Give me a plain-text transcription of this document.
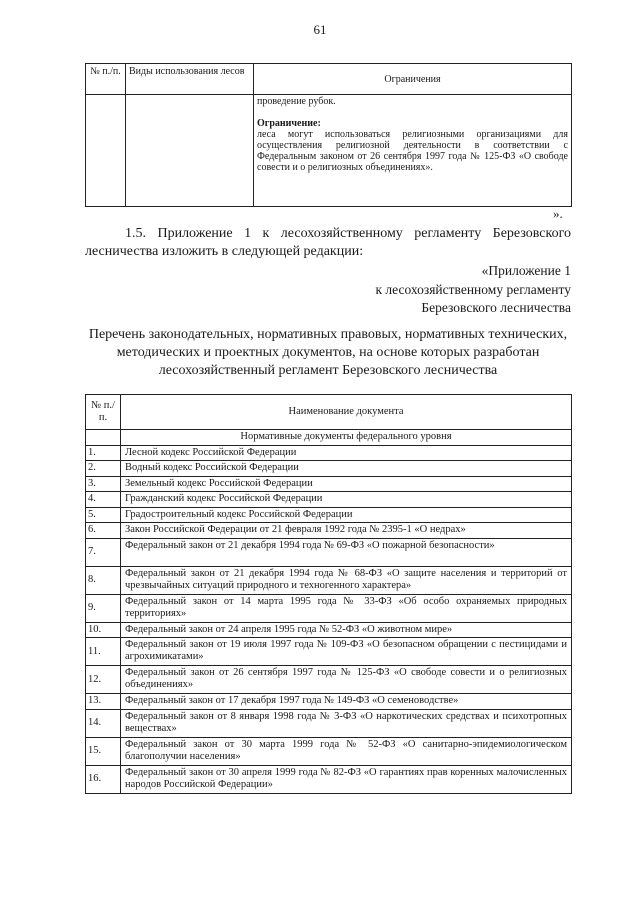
61
№ п./п.	Виды использования лесов	Ограничения

		проведение рубок.
Ограничение:
леса могут использоваться религиозными организациями для осуществления религиозной деятельности в соответствии с Федеральным законом от 26 сентября 1997 года № 125-ФЗ «О свободе совести и о религиозных объединениях».
».
1.5. Приложение 1 к лесохозяйственному регламенту Березовского лесничества изложить в следующей редакции:
«Приложение 1
к лесохозяйственному регламенту
Березовского лесничества
Перечень законодательных, нормативных правовых, нормативных технических, методических и проектных документов, на основе которых разработан лесохозяйственный регламент Березовского лесничества
№ п./п.	Наименование документа
	Нормативные документы федерального уровня
1.	Лесной кодекс Российской Федерации
2.	Водный кодекс Российской Федерации
3.	Земельный кодекс Российской Федерации
4.	Гражданский кодекс Российской Федерации
5.	Градостроительный кодекс Российской Федерации
6.	Закон Российской Федерации от 21 февраля 1992 года № 2395-1 «О недрах»
7.	Федеральный закон от 21 декабря 1994 года № 69-ФЗ «О пожарной безопасности»
8.	Федеральный закон от 21 декабря 1994 года № 68-ФЗ «О защите населения и территорий от чрезвычайных ситуаций природного и техногенного характера»
9.	Федеральный закон от 14 марта 1995 года № 33-ФЗ «Об особо охраняемых природных территориях»
10.	Федеральный закон от 24 апреля 1995 года № 52-ФЗ «О животном мире»
11.	Федеральный закон от 19 июля 1997 года № 109-ФЗ «О безопасном обращении с пестицидами и агрохимикатами»
12.	Федеральный закон от 26 сентября 1997 года № 125-ФЗ «О свободе совести и о религиозных объединениях»
13.	Федеральный закон от 17 декабря 1997 года № 149-ФЗ «О семеноводстве»
14.	Федеральный закон от 8 января 1998 года № 3-ФЗ «О наркотических средствах и психотропных веществах»
15.	Федеральный закон от 30 марта 1999 года № 52-ФЗ «О санитарно-эпидемиологическом благополучии населения»
16.	Федеральный закон от 30 апреля 1999 года № 82-ФЗ «О гарантиях прав коренных малочисленных народов Российской Федерации»
